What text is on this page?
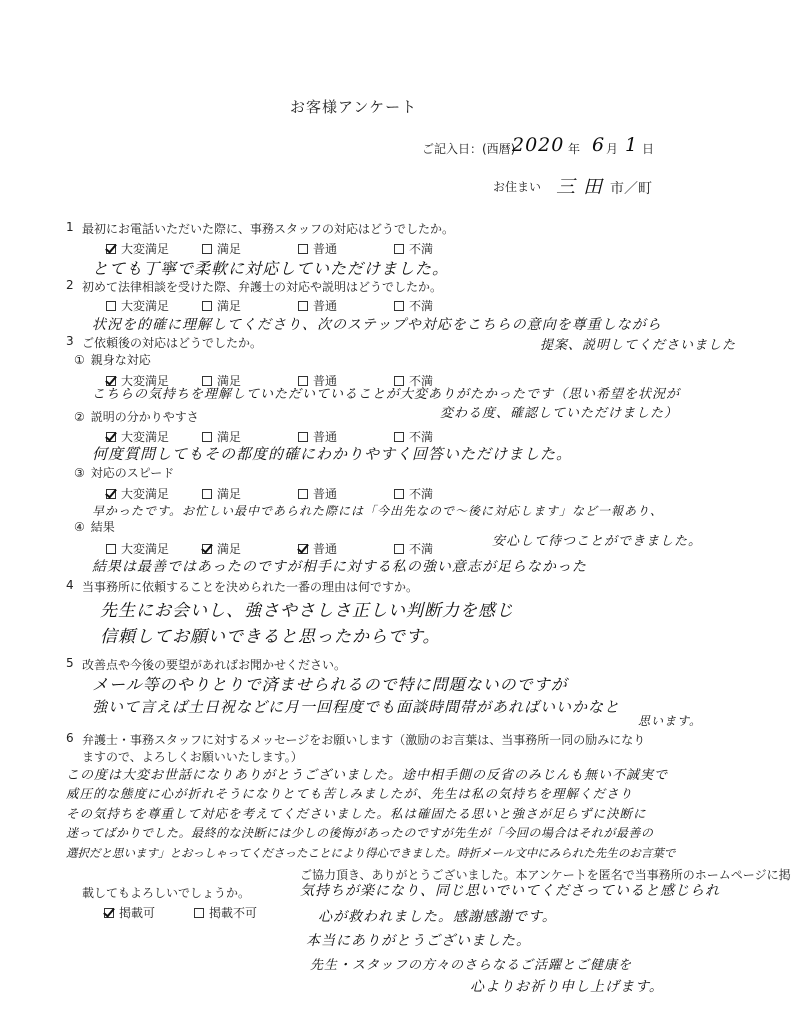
お客様アンケート
ご記入日：(西暦)
2020 年 6 月 1 日
お住まい 三 田 市／町
1 最初にお電話いただいた際に、事務スタッフの対応はどうでしたか。
大変満足	満足	普通	不満
とても丁寧で柔軟に対応していただけました。
2 初めて法律相談を受けた際、弁護士の対応や説明はどうでしたか。
大変満足	満足	普通	不満
状況を的確に理解してくださり、次のステップや対応をこちらの意向を尊重しながら
提案、説明してくださいました
3 ご依頼後の対応はどうでしたか。
① 親身な対応
大変満足	満足	普通	不満
こちらの気持ちを理解していただいていることが大変ありがたかったです（思い希望を状況が
変わる度、確認していただけました）
② 説明の分かりやすさ
大変満足	満足	普通	不満
何度質問してもその都度的確にわかりやすく回答いただけました。
③ 対応のスピード
大変満足	満足	普通	不満
早かったです。お忙しい最中であられた際には「今出先なので〜後に対応します」など一報あり、
安心して待つことができました。
④ 結果
大変満足	満足	普通	不満
結果は最善ではあったのですが相手に対する私の強い意志が足らなかった
4 当事務所に依頼することを決められた一番の理由は何ですか。
先生にお会いし、強さやさしさ正しい判断力を感じ
信頼してお願いできると思ったからです。
5 改善点や今後の要望があればお聞かせください。
メール等のやりとりで済ませられるので特に問題ないのですが
強いて言えば土日祝などに月一回程度でも面談時間帯があればいいかなと
思います。
6 弁護士・事務スタッフに対するメッセージをお願いします（激励のお言葉は、当事務所一同の励みになり
ますので、よろしくお願いいたします。）
この度は大変お世話になりありがとうございました。途中相手側の反省のみじんも無い不誠実で
威圧的な態度に心が折れそうになりとても苦しみましたが、先生は私の気持ちを理解くださり
その気持ちを尊重して対応を考えてくださいました。私は確固たる思いと強さが足らずに決断に
迷ってばかりでした。最終的な決断には少しの後悔があったのですが先生が「今回の場合はそれが最善の
選択だと思います」とおっしゃってくださったことにより得心できました。時折メール文中にみられた先生のお言葉で
ご協力頂き、ありがとうございました。本アンケートを匿名で当事務所のホームページに掲
載してもよろしいでしょうか。
掲載可	掲載不可
気持ちが楽になり、同じ思いでいてくださっていると感じられ
心が救われました。感謝感謝です。
本当にありがとうございました。
先生・スタッフの方々のさらなるご活躍とご健康を
心よりお祈り申し上げます。
